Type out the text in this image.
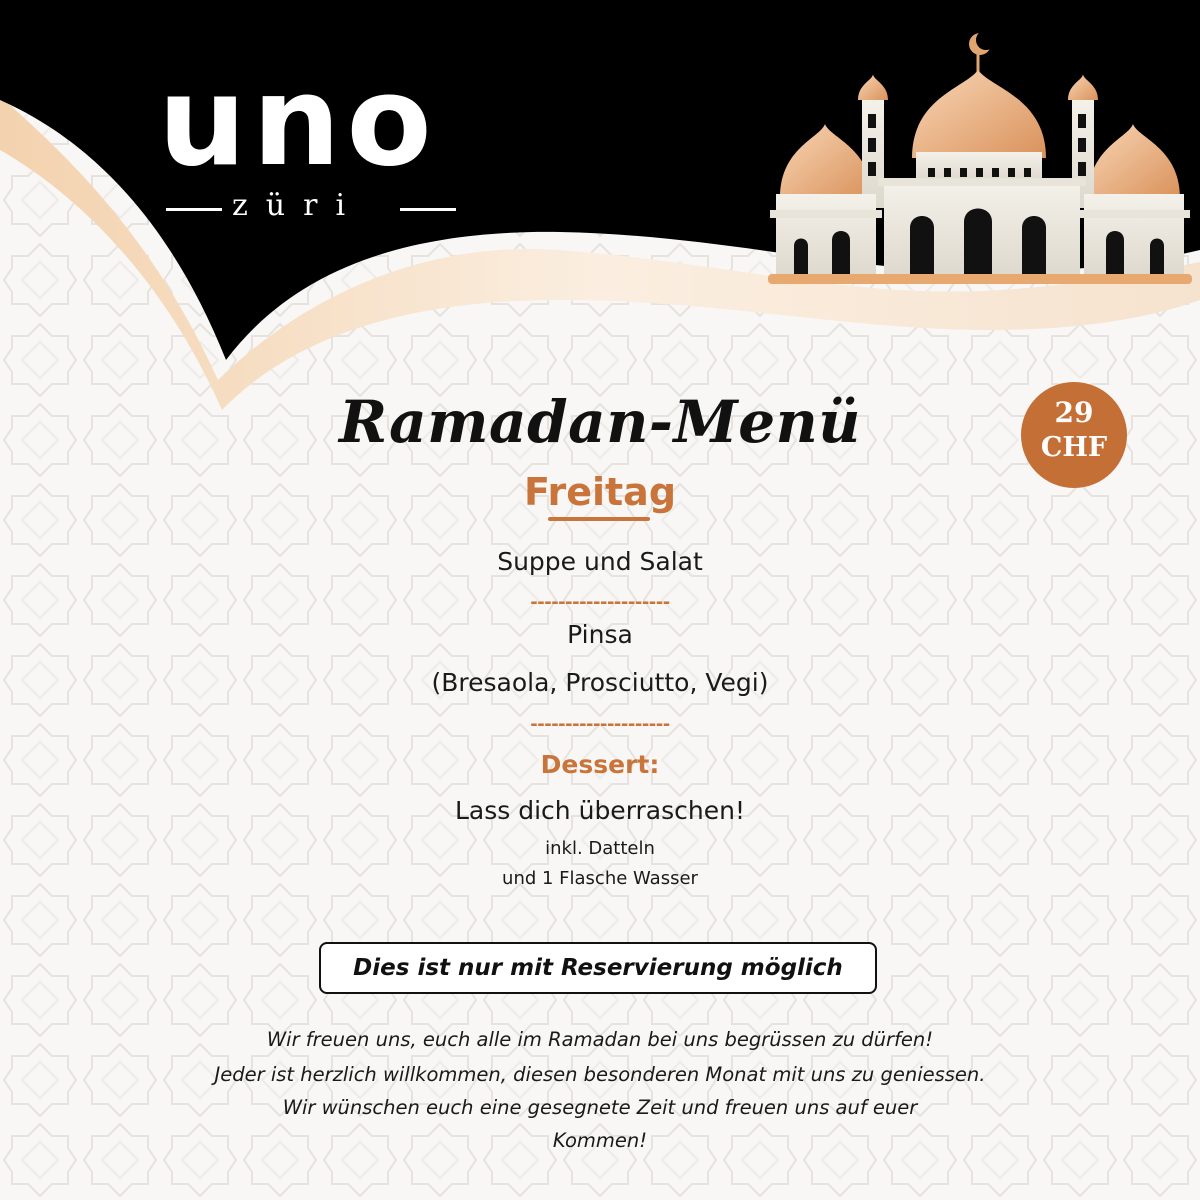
uno
züri
29
CHF
Ramadan-Menü
Freitag
Suppe und Salat
--------------------
Pinsa
(Bresaola, Prosciutto, Vegi)
--------------------
Dessert:
Lass dich überraschen!
inkl. Datteln
und 1 Flasche Wasser
Dies ist nur mit Reservierung möglich
Wir freuen uns, euch alle im Ramadan bei uns begrüssen zu dürfen!
Jeder ist herzlich willkommen, diesen besonderen Monat mit uns zu geniessen.
Wir wünschen euch eine gesegnete Zeit und freuen uns auf euer
Kommen!
